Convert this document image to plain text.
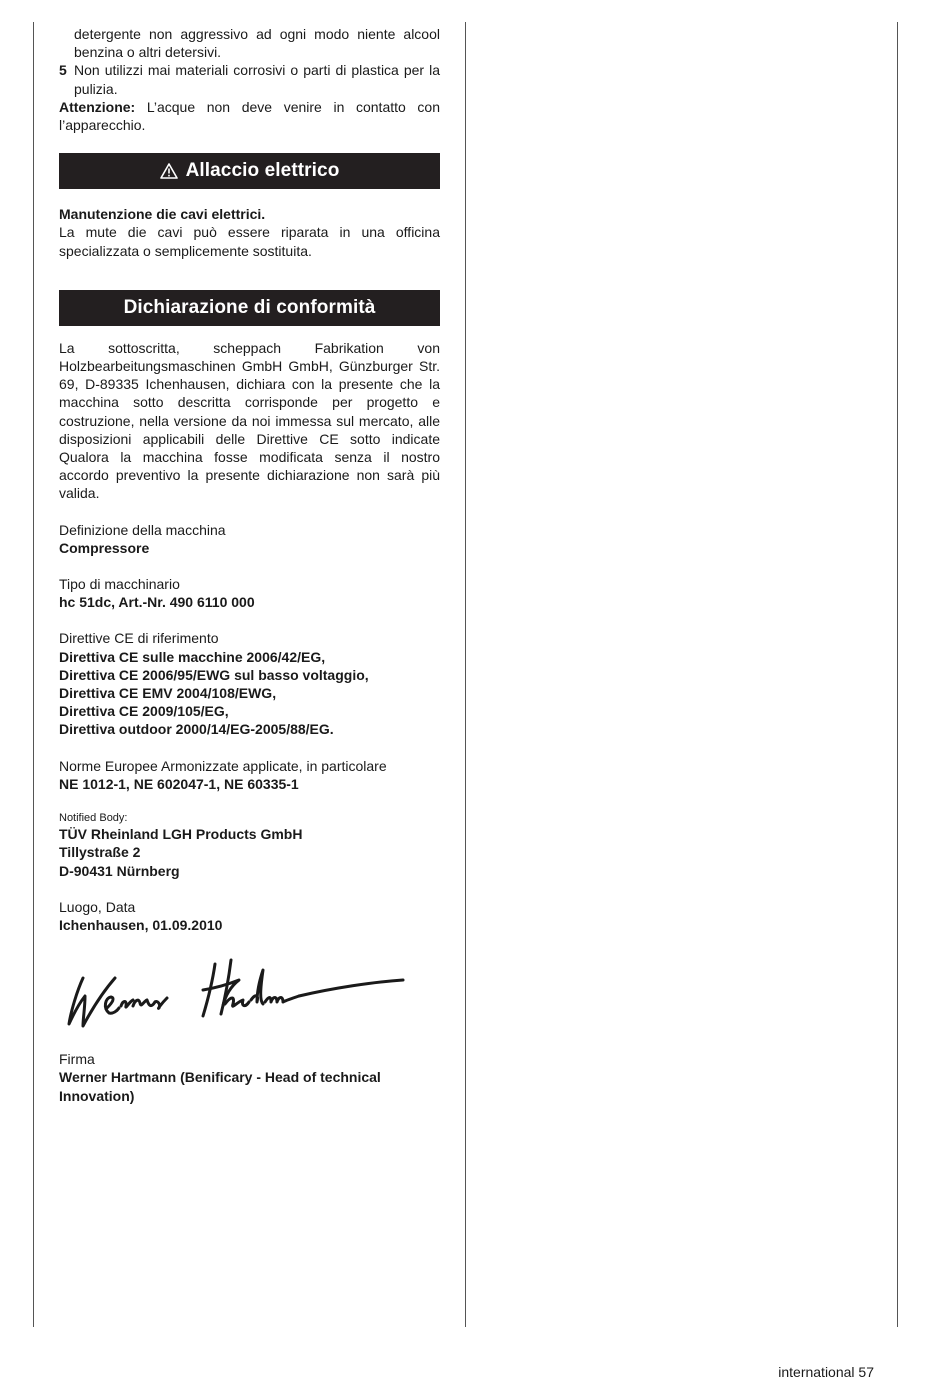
detergente non aggressivo ad ogni modo niente alcool benzina o altri detersivi.

5 Non utilizzi mai materiali corrosivi o parti di plastica per la pulizia.

Attenzione: L’acque non deve venire in contatto con l’apparecchio.

Allaccio elettrico

Manutenzione die cavi elettrici.

La mute die cavi può essere riparata in una officina specializzata o semplicemente sostituita.

Dichiarazione di conformità

La sottoscritta, scheppach Fabrikation von Holzbearbeitungsmaschinen GmbH GmbH, Günzburger Str. 69, D-89335 Ichenhausen, dichiara con la presente che la macchina sotto descritta corrisponde per progetto e costruzione, nella versione da noi immessa sul mercato, alle disposizioni applicabili delle Direttive CE sotto indicate Qualora la macchina fosse modificata senza il nostro accordo preventivo la presente dichiarazione non sarà più valida.

Definizione della macchina

Compressore

Tipo di macchinario

hc 51dc, Art.-Nr. 490 6110 000

Direttive CE di riferimento

Direttiva CE sulle macchine 2006/42/EG,

Direttiva CE 2006/95/EWG sul basso voltaggio,

Direttiva CE EMV 2004/108/EWG,

Direttiva CE 2009/105/EG,

Direttiva outdoor 2000/14/EG-2005/88/EG.

Norme Europee Armonizzate applicate, in particolare

NE 1012-1, NE 602047-1, NE 60335-1

Notified Body:

TÜV Rheinland LGH Products GmbH

Tillystraße 2

D-90431 Nürnberg

Luogo, Data

Ichenhausen, 01.09.2010

Firma

Werner Hartmann (Benificary - Head of technical Innovation)

international 57
